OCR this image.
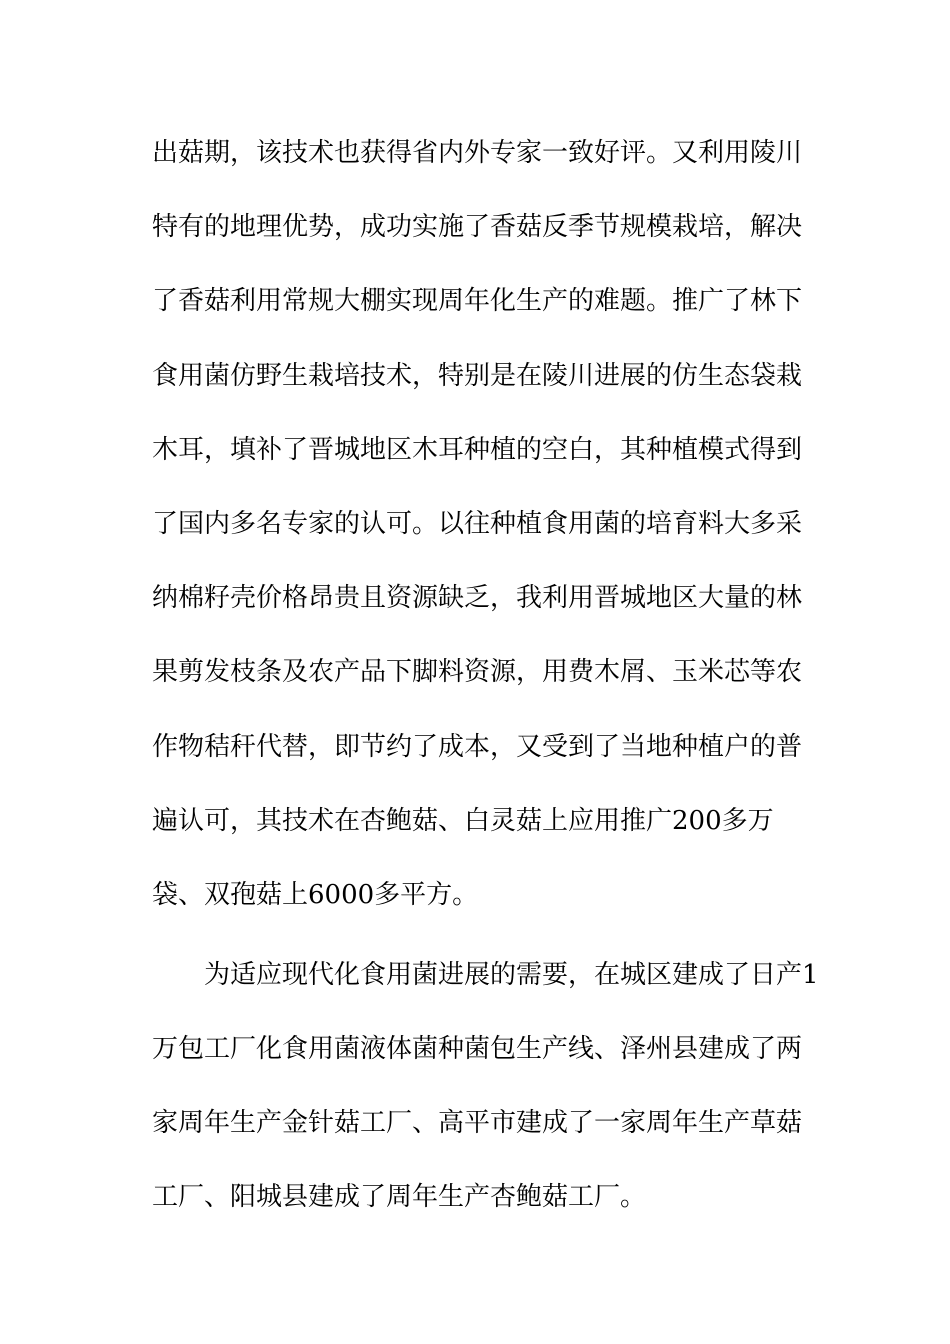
出菇期，该技术也获得省内外专家一致好评。又利用陵川
特有的地理优势，成功实施了香菇反季节规模栽培，解决
了香菇利用常规大棚实现周年化生产的难题。推广了林下
食用菌仿野生栽培技术，特别是在陵川进展的仿生态袋栽
木耳，填补了晋城地区木耳种植的空白，其种植模式得到
了国内多名专家的认可。以往种植食用菌的培育料大多采
纳棉籽壳价格昂贵且资源缺乏，我利用晋城地区大量的林
果剪发枝条及农产品下脚料资源，用费木屑、玉米芯等农
作物秸秆代替，即节约了成本，又受到了当地种植户的普
遍认可，其技术在杏鲍菇、白灵菇上应用推广200多万
袋、双孢菇上6000多平方。
为适应现代化食用菌进展的需要，在城区建成了日产1
万包工厂化食用菌液体菌种菌包生产线、泽州县建成了两
家周年生产金针菇工厂、高平市建成了一家周年生产草菇
工厂、阳城县建成了周年生产杏鲍菇工厂。
